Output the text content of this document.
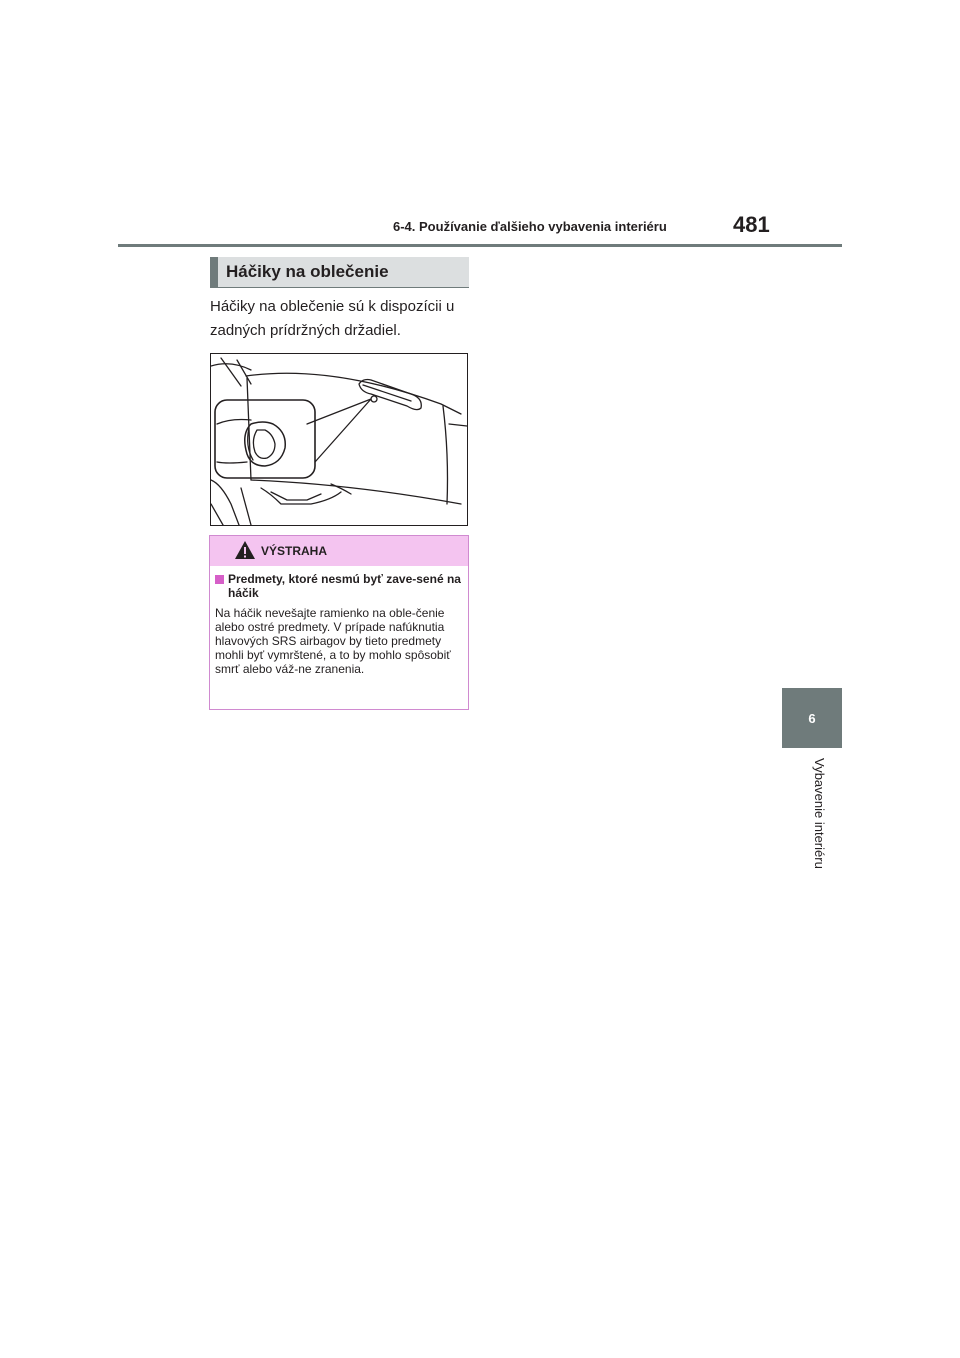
6-4. Používanie ďalšieho vybavenia interiéru	481
6
Vybavenie interiéru
Háčiky na oblečenie

Háčiky na oblečenie sú k dispozícii u zadných prídržných držadiel.

VÝSTRAHA
Predmety, ktoré nesmú byť zave-sené na háčik
Na háčik nevešajte ramienko na oble-čenie alebo ostré predmety. V prípade nafúknutia hlavových SRS airbagov by tieto predmety mohli byť vymrštené, a to by mohlo spôsobiť smrť alebo váž-ne zranenia.
